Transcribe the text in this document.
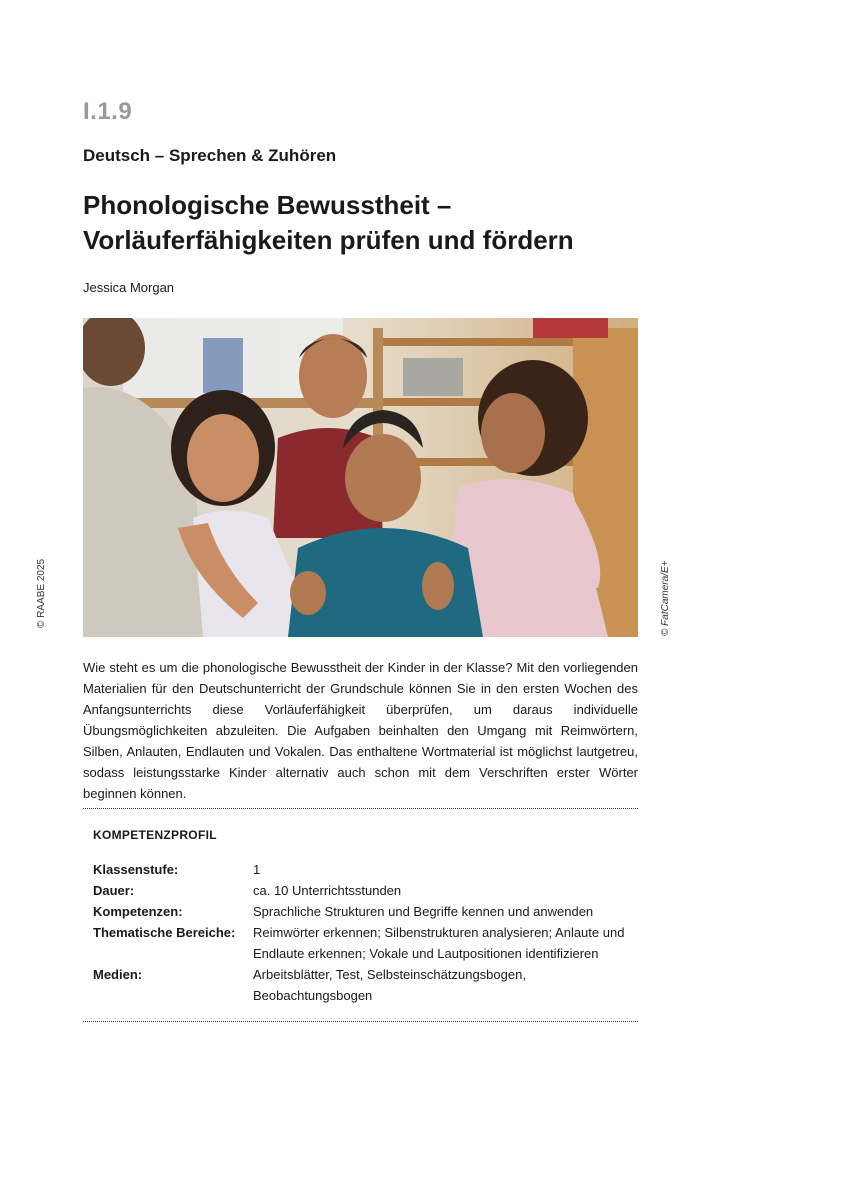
I.1.9
Deutsch – Sprechen & Zuhören
Phonologische Bewusstheit –
Vorläuferfähigkeiten prüfen und fördern
Jessica Morgan
© RAABE 2025	© FatCamera/E+
Wie steht es um die phonologische Bewusstheit der Kinder in der Klasse? Mit den vorliegenden Materialien für den Deutschunterricht der Grundschule können Sie in den ersten Wochen des Anfangsunterrichts diese Vorläuferfähigkeit überprüfen, um daraus individuelle Übungsmöglichkeiten abzuleiten. Die Aufgaben beinhalten den Umgang mit Reimwörtern, Silben, Anlauten, Endlauten und Vokalen. Das enthaltene Wortmaterial ist möglichst lautgetreu, sodass leistungsstarke Kinder alternativ auch schon mit dem Verschriften erster Wörter beginnen können.
KOMPETENZPROFIL
Klassenstufe:	1
Dauer:	ca. 10 Unterrichtsstunden
Kompetenzen:	Sprachliche Strukturen und Begriffe kennen und anwenden
Thematische Bereiche:	Reimwörter erkennen; Silbenstrukturen analysieren; Anlaute und Endlaute erkennen; Vokale und Lautpositionen identifizieren
Medien:	Arbeitsblätter, Test, Selbsteinschätzungsbogen, Beobachtungsbogen
